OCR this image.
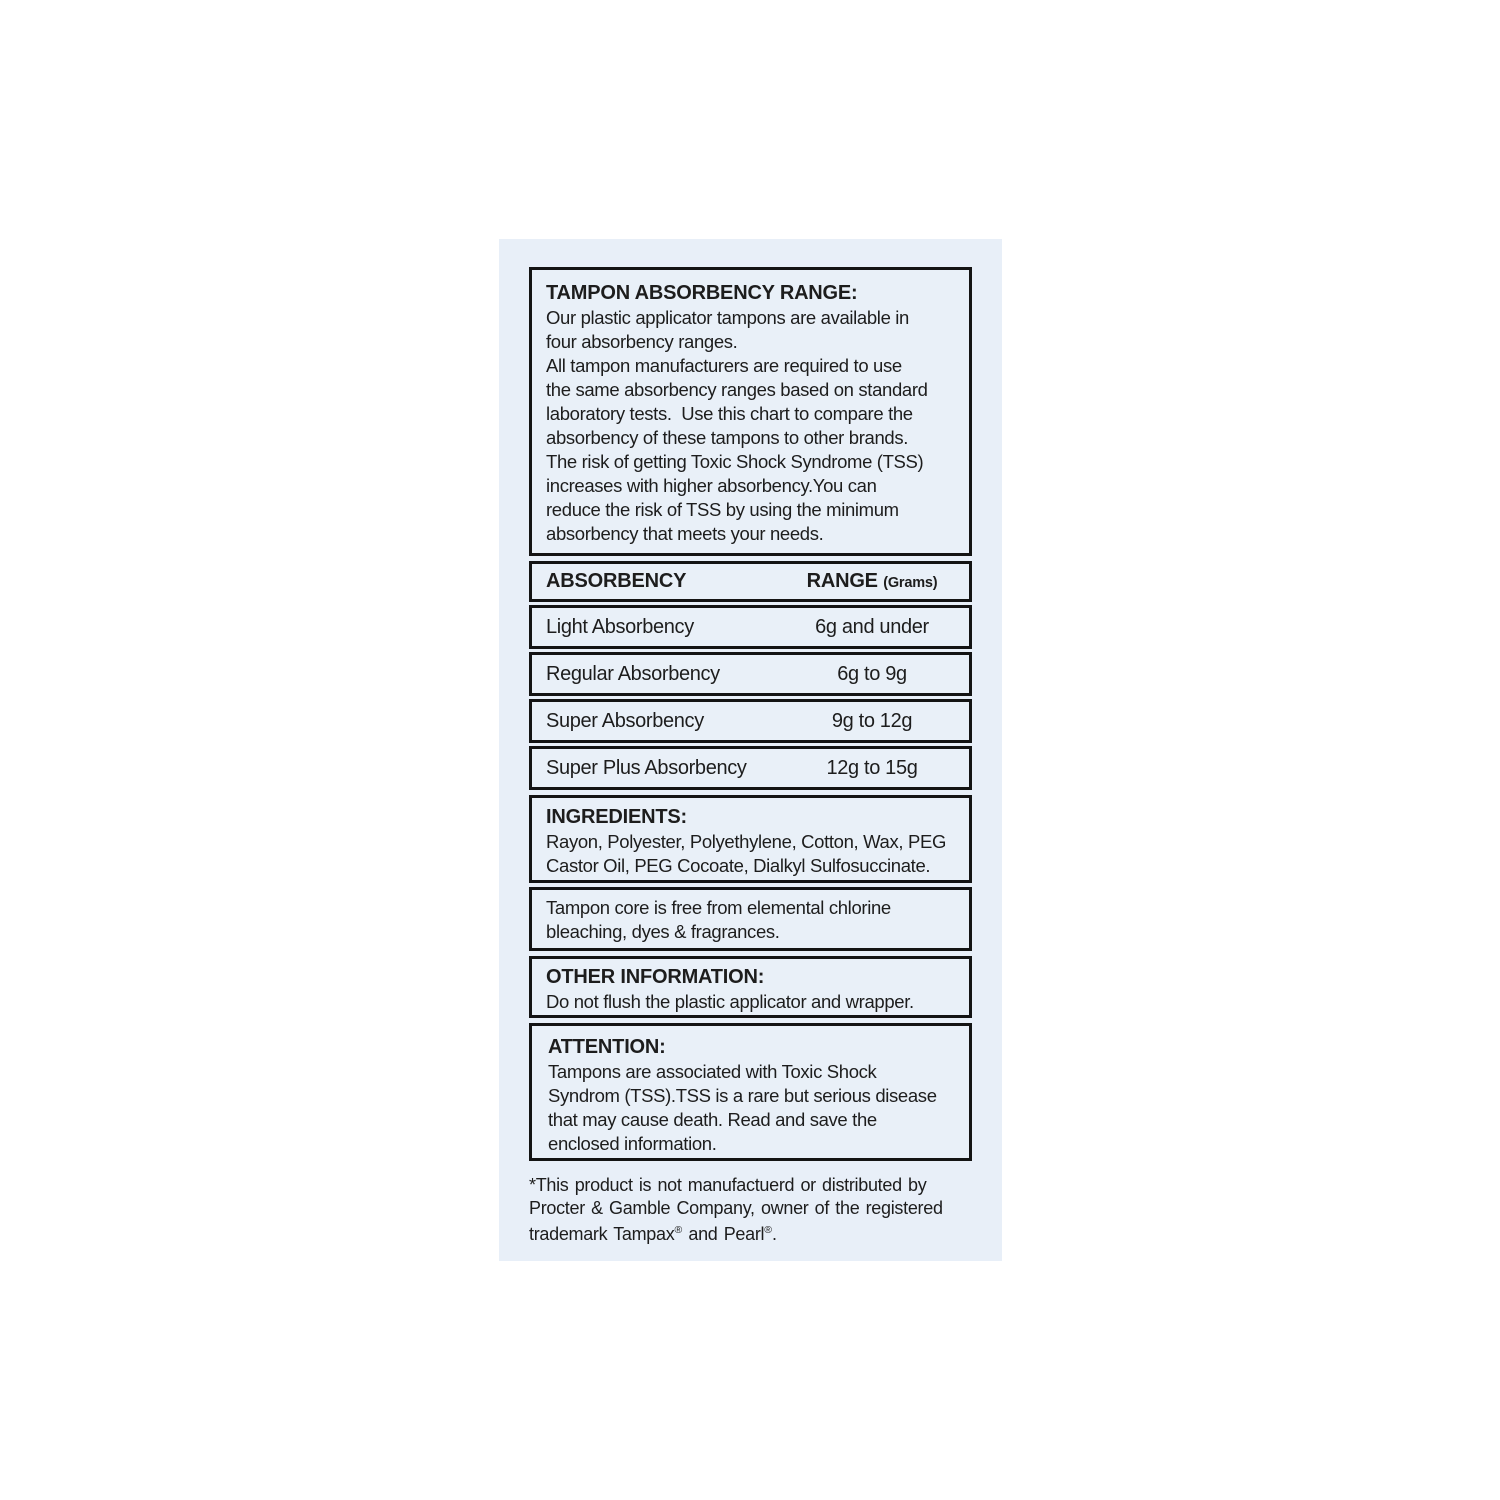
TAMPON ABSORBENCY RANGE:
Our plastic applicator tampons are available in
four absorbency ranges.
All tampon manufacturers are required to use
the same absorbency ranges based on standard
laboratory tests.  Use this chart to compare the
absorbency of these tampons to other brands.
The risk of getting Toxic Shock Syndrome (TSS)
increases with higher absorbency.You can
reduce the risk of TSS by using the minimum
absorbency that meets your needs.
ABSORBENCY	RANGE (Grams)
Light Absorbency	6g and under
Regular Absorbency	6g to 9g
Super Absorbency	9g to 12g
Super Plus Absorbency	12g to 15g
INGREDIENTS:
Rayon, Polyester, Polyethylene, Cotton, Wax, PEG
Castor Oil, PEG Cocoate, Dialkyl Sulfosuccinate.
Tampon core is free from elemental chlorine
bleaching, dyes & fragrances.
OTHER INFORMATION:
Do not flush the plastic applicator and wrapper.
ATTENTION:
Tampons are associated with Toxic Shock
Syndrom (TSS).TSS is a rare but serious disease
that may cause death. Read and save the
enclosed information.
*This product is not manufactuerd or distributed by
Procter & Gamble Company, owner of the registered
trademark Tampax® and Pearl®.
